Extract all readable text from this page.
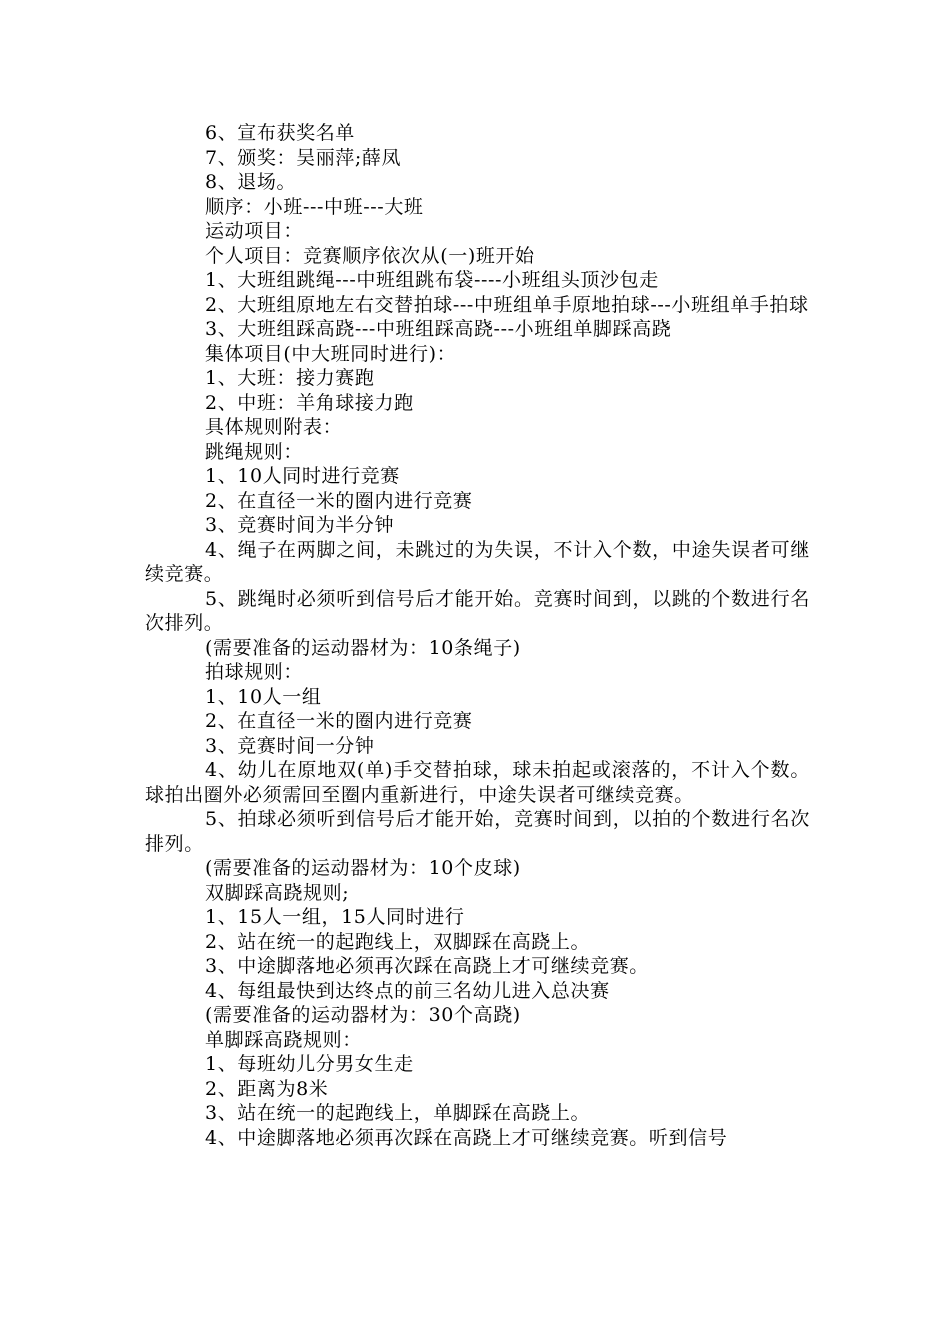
6、宣布获奖名单

7、颁奖：吴丽萍;薛凤

8、退场。

顺序：小班---中班---大班

运动项目：

个人项目：竞赛顺序依次从(一)班开始

1、大班组跳绳---中班组跳布袋----小班组头顶沙包走

2、大班组原地左右交替拍球---中班组单手原地拍球---小班组单手拍球

3、大班组踩高跷---中班组踩高跷---小班组单脚踩高跷

集体项目(中大班同时进行)：

1、大班：接力赛跑

2、中班：羊角球接力跑

具体规则附表：

跳绳规则：

1、10人同时进行竞赛

2、在直径一米的圈内进行竞赛

3、竞赛时间为半分钟

4、绳子在两脚之间，未跳过的为失误，不计入个数，中途失误者可继续竞赛。

5、跳绳时必须听到信号后才能开始。竞赛时间到，以跳的个数进行名次排列。

(需要准备的运动器材为：10条绳子)

拍球规则：

1、10人一组

2、在直径一米的圈内进行竞赛

3、竞赛时间一分钟

4、幼儿在原地双(单)手交替拍球，球未拍起或滚落的，不计入个数。球拍出圈外必须需回至圈内重新进行，中途失误者可继续竞赛。

5、拍球必须听到信号后才能开始，竞赛时间到，以拍的个数进行名次排列。

(需要准备的运动器材为：10个皮球)

双脚踩高跷规则;

1、15人一组，15人同时进行

2、站在统一的起跑线上，双脚踩在高跷上。

3、中途脚落地必须再次踩在高跷上才可继续竞赛。

4、每组最快到达终点的前三名幼儿进入总决赛

(需要准备的运动器材为：30个高跷)

单脚踩高跷规则：

1、每班幼儿分男女生走

2、距离为8米

3、站在统一的起跑线上，单脚踩在高跷上。

4、中途脚落地必须再次踩在高跷上才可继续竞赛。听到信号
